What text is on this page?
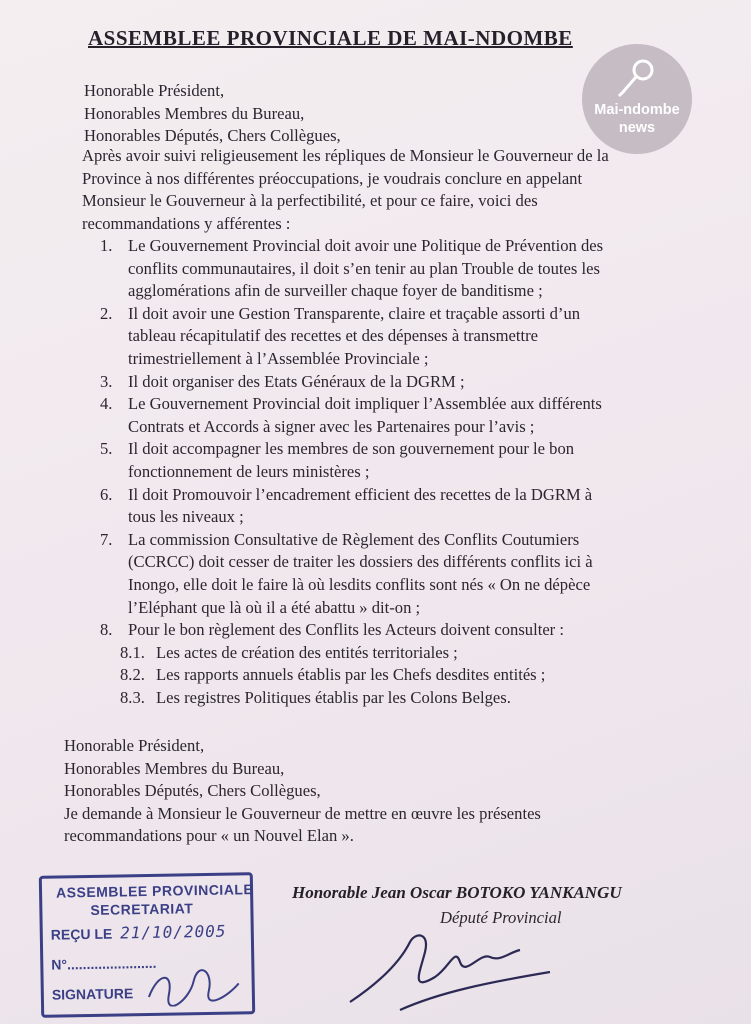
ASSEMBLEE PROVINCIALE DE MAI-NDOMBE
Mai-ndombe
news
Honorable Président,
Honorables Membres du Bureau,
Honorables Députés, Chers Collègues,
Après avoir suivi religieusement les répliques de Monsieur le Gouverneur de la
Province à nos différentes préoccupations, je voudrais conclure en appelant
Monsieur le Gouverneur à la perfectibilité, et pour ce faire, voici des
recommandations y afférentes :
1. Le Gouvernement Provincial doit avoir une Politique de Prévention des
conflits communautaires, il doit s’en tenir au plan Trouble de toutes les
agglomérations afin de surveiller chaque foyer de banditisme ;
2. Il doit avoir une Gestion Transparente, claire et traçable assorti d’un
tableau récapitulatif des recettes et des dépenses à transmettre
trimestriellement à l’Assemblée Provinciale ;
3. Il doit organiser des Etats Généraux de la DGRM ;
4. Le Gouvernement Provincial doit impliquer l’Assemblée aux différents
Contrats et Accords à signer avec les Partenaires pour l’avis ;
5. Il doit accompagner les membres de son gouvernement pour le bon
fonctionnement de leurs ministères ;
6. Il doit Promouvoir l’encadrement efficient des recettes de la DGRM à
tous les niveaux ;
7. La commission Consultative de Règlement des Conflits Coutumiers
(CCRCC) doit cesser de traiter les dossiers des différents conflits ici à
Inongo, elle doit le faire là où lesdits conflits sont nés « On ne dépèce
l’Eléphant que là où il a été abattu » dit-on ;
8. Pour le bon règlement des Conflits les Acteurs doivent consulter :
8.1. Les actes de création des entités territoriales ;
8.2. Les rapports annuels établis par les Chefs desdites entités ;
8.3. Les registres Politiques établis par les Colons Belges.
Honorable Président,
Honorables Membres du Bureau,
Honorables Députés, Chers Collègues,
Je demande à Monsieur le Gouverneur de mettre en œuvre les présentes
recommandations pour « un Nouvel Elan ».
ASSEMBLEE PROVINCIALE
SECRETARIAT
REÇU LE 21/10/2005
N°.......................
SIGNATURE
Honorable Jean Oscar BOTOKO YANKANGU
Député Provincial
